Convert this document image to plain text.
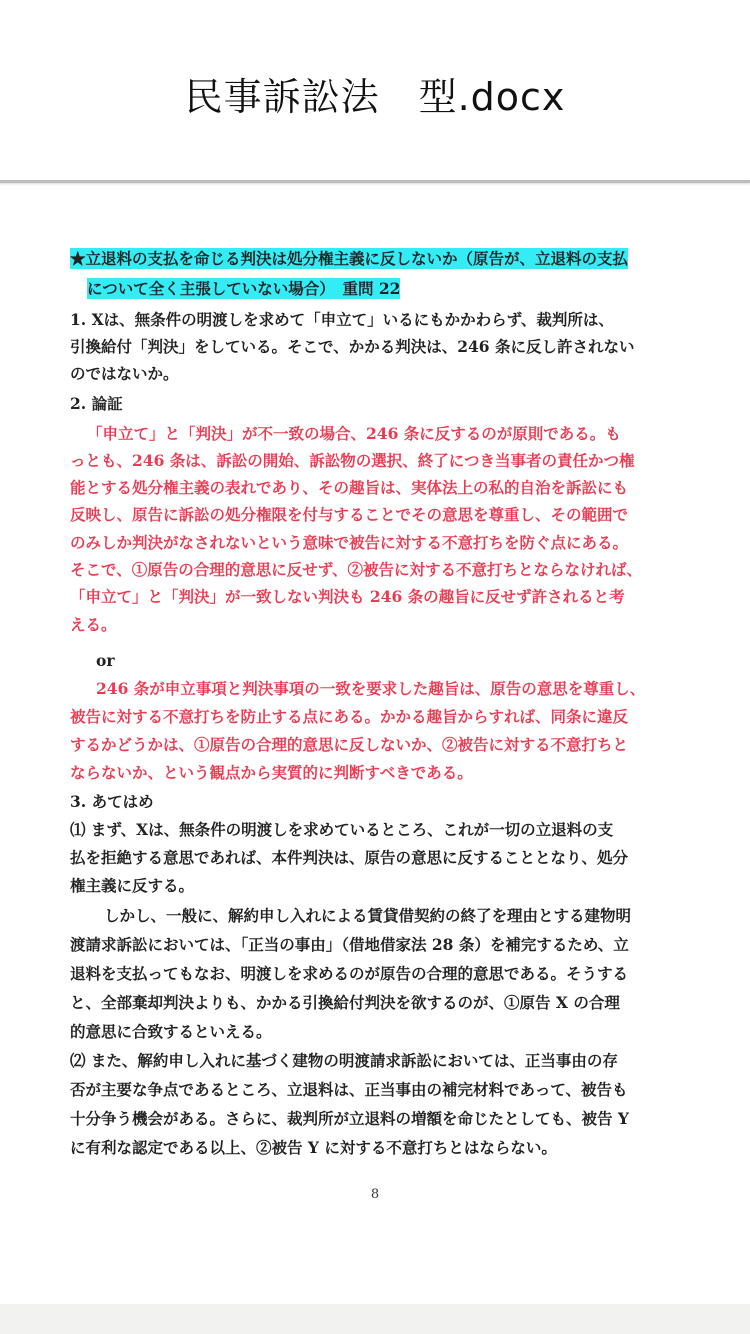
民事訴訟法　型.docx
★立退料の支払を命じる判決は処分権主義に反しないか（原告が、立退料の支払
について全く主張していない場合）　重問 22
1. Xは、無条件の明渡しを求めて「申立て」いるにもかかわらず、裁判所は、
引換給付「判決」をしている。そこで、かかる判決は、246 条に反し許されない
のではないか。
2. 論証
「申立て」と「判決」が不一致の場合、246 条に反するのが原則である。も
っとも、246 条は、訴訟の開始、訴訟物の選択、終了につき当事者の責任かつ権
能とする処分権主義の表れであり、その趣旨は、実体法上の私的自治を訴訟にも
反映し、原告に訴訟の処分権限を付与することでその意思を尊重し、その範囲で
のみしか判決がなされないという意味で被告に対する不意打ちを防ぐ点にある。
そこで、①原告の合理的意思に反せず、②被告に対する不意打ちとならなければ、
「申立て」と「判決」が一致しない判決も 246 条の趣旨に反せず許されると考
える。
or
246 条が申立事項と判決事項の一致を要求した趣旨は、原告の意思を尊重し、
被告に対する不意打ちを防止する点にある。かかる趣旨からすれば、同条に違反
するかどうかは、①原告の合理的意思に反しないか、②被告に対する不意打ちと
ならないか、という観点から実質的に判断すべきである。
3. あてはめ
⑴ まず、Xは、無条件の明渡しを求めているところ、これが一切の立退料の支
払を拒絶する意思であれば、本件判決は、原告の意思に反することとなり、処分
権主義に反する。
しかし、一般に、解約申し入れによる賃貸借契約の終了を理由とする建物明
渡請求訴訟においては、「正当の事由」（借地借家法 28 条）を補完するため、立
退料を支払ってもなお、明渡しを求めるのが原告の合理的意思である。そうする
と、全部棄却判決よりも、かかる引換給付判決を欲するのが、①原告 X の合理
的意思に合致するといえる。
⑵ また、解約申し入れに基づく建物の明渡請求訴訟においては、正当事由の存
否が主要な争点であるところ、立退料は、正当事由の補完材料であって、被告も
十分争う機会がある。さらに、裁判所が立退料の増額を命じたとしても、被告 Y
に有利な認定である以上、②被告 Y に対する不意打ちとはならない。
8
